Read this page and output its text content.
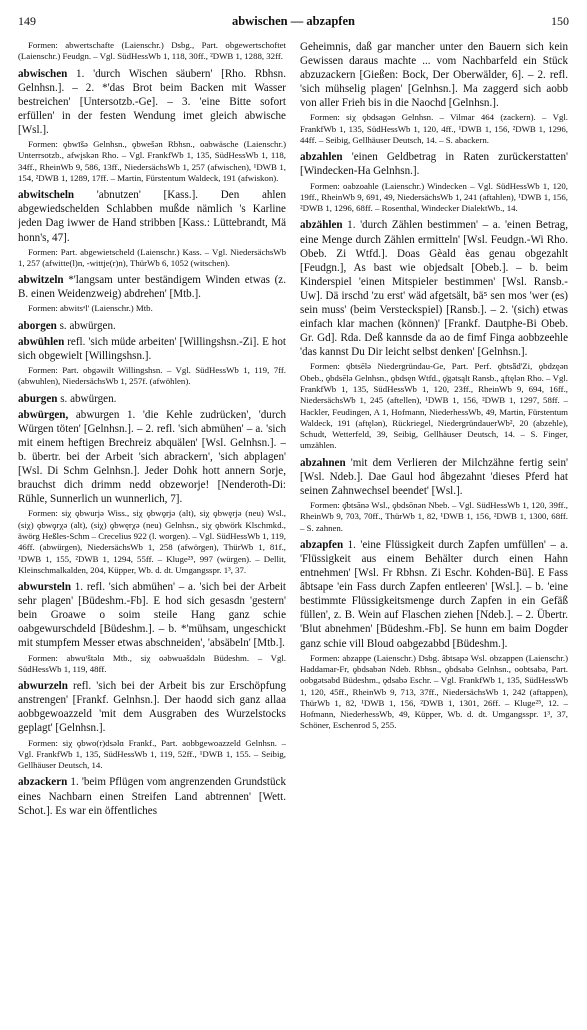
149	abwischen — abzapfen	150

Formen: abwertschafte (Laienschr.) Dsbg., Part. obgewertschoftet (Laienschr.) Feudgn. – Vgl. SüdHessWb 1, 118, 30ff., ²DWB 1, 1288, 32ff.

abwischen 1. 'durch Wischen säubern' [Rho. Rbhsn. Gelnhsn.]. – 2. *'das Brot beim Backen mit Wasser bestreichen' [Untersotzb.-Ge]. – 3. 'eine Bitte sofort erfüllen' in der festen Wendung imet gleich abwische [Wsl.].

Formen: ǫbwīšə Gelnhsn., ǫbwešən Rbhsn., oabwäsche (Laienschr.) Unterrsotzb., afwįskən Rho. – Vgl. FrankfWb 1, 135, SüdHessWb 1, 118, 34ff., RheinWb 9, 586, 13ff., NiedersächsWb 1, 257 (afwischen), ¹DWB 1, 154, ²DWB 1, 1289, 17ff. – Martin, Fürstentum Waldeck, 191 (afwiskon).

abwitscheln 'abnutzen' [Kass.]. Den ahlen abgewiedschelden Schlabben mußde nämlich 's Karline jeden Dag iwwer de Hand stribben [Kass.: Lüttebrandt, Mä honn's, 47].

Formen: Part. abgewietscheld (Laienschr.) Kass. – Vgl. NiedersächsWb 1, 257 (afwitte(l)n, -wittje(r)n), ThürWb 6, 1052 (witschen).

abwitzeln *'langsam unter beständigem Winden etwas (z. B. einen Weidenzweig) abdrehen' [Mtb.].

Formen: abwitsᵊl' (Laienschr.) Mtb.

aborgen s. abwürgen.

abwühlen refl. 'sich müde arbeiten' [Willingshsn.-Zi]. E hot sich obgewielt [Willingshsn.].

Formen: Part. obgəwilt Willingshsn. – Vgl. SüdHessWb 1, 119, 7ff. (abwuhlen), NiedersächsWb 1, 257f. (afwöhlen).

aburgen s. abwürgen.

abwürgen, abwurgen 1. 'die Kehle zudrücken', 'durch Würgen töten' [Gelnhsn.]. – 2. refl. 'sich abmühen' – a. 'sich mit einem heftigen Brechreiz abquälen' [Wsl. Gelnhsn.]. – b. übertr. bei der Arbeit 'sich abrackern', 'sich abplagen' [Wsl. Di Schm Gelnhsn.]. Jeder Dohk hott annern Sorje, brauchst dich drimm nedd obzeworje! [Nenderoth-Di: Rühle, Sunnerlich un wunnerlich, 7].

Formen: siχ ǫbwurjə Wiss., siχ ǫbwǫrjə (alt), siχ ǫbwęrjə (neu) Wsl., (siχ) ǫbwǫrχə (alt), (siχ) ǫbwęrχə (neu) Gelnhsn., siχ ǫbwörk Klschmkd., äwörg Heßles-Schm – Crecelius 922 (l. worgen). – Vgl. SüdHessWb 1, 119, 46ff. (abwürgen), NiedersächsWb 1, 258 (afwörgen), ThürWb 1, 81f., ¹DWB 1, 155, ²DWB 1, 1294, 55ff. – Kluge²⁵, 997 (würgen). – Dellit, Kleinschmalkalden, 204, Küpper, Wb. d. dt. Umgangsspr. 1³, 37.

abwursteln 1. refl. 'sich abmühen' – a. 'sich bei der Arbeit sehr plagen' [Büdeshm.-Fb]. E hod sich gesasdn 'gestern' bein Groawe o soim steile Hang ganz schie oabgewurschdeld [Büdeshm.]. – b. *'mühsam, ungeschickt mit stumpfem Messer etwas abschneiden', 'absäbeln' [Mtb.].

Formen: abwuʳštəlɑ Mtb., siχ oəbwuəšdəln Büdeshm. – Vgl. SüdHessWb 1, 119, 48ff.

abwurzeln refl. 'sich bei der Arbeit bis zur Erschöpfung anstrengen' [Frankf. Gelnhsn.]. Der haodd sich ganz allaa aobbgewoazzeld 'mit dem Ausgraben des Wurzelstocks geplagt' [Gelnhsn.].

Formen: siχ ǫbwo(r)dsəlɑ Frankf., Part. aobbgewoazzeld Gelnhsn. – Vgl. FrankfWb 1, 135, SüdHessWb 1, 119, 52ff., ¹DWB 1, 155. – Seibig, Gellhäuser Deutsch, 14.

abzackern 1. 'beim Pflügen vom angrenzenden Grundstück eines Nachbarn einen Streifen Land abtrennen' [Wett. Schot.]. Es war ein öffentliches

Geheimnis, daß gar mancher unter den Bauern sich kein Gewissen daraus machte ... vom Nachbarfeld ein Stück abzuzackern [Gießen: Bock, Der Oberwälder, 6]. – 2. refl. 'sich mühselig plagen' [Gelnhsn.]. Ma zaggerd sich aobb von aller Frieh bis in die Naochd [Gelnhsn.].

Formen: siχ ǫbdsagən Gelnhsn. – Vilmar 464 (zackern). – Vgl. FrankfWb 1, 135, SüdHessWb 1, 120, 4ff., ¹DWB 1, 156, ²DWB 1, 1296, 44ff. – Seibig, Gellhäuser Deutsch, 14. – S. abackern.

abzahlen 'einen Geldbetrag in Raten zurückerstatten' [Windecken-Ha Gelnhsn.].

Formen: oabzoahle (Laienschr.) Windecken – Vgl. SüdHessWb 1, 120, 19ff., RheinWb 9, 691, 49, NiedersächsWb 1, 241 (aftahlen), ¹DWB 1, 156, ²DWB 1, 1296, 68ff. – Rosenthal, Windecker DialektWb., 14.

abzählen 1. 'durch Zählen bestimmen' – a. 'einen Betrag, eine Menge durch Zählen ermitteln' [Wsl. Feudgn.-Wi Rho. Obeb. Zi Wtfd.]. Doas Gèald èas genau obgezahlt [Feudgn.], As bast wie objedsalt [Obeb.]. – b. beim Kinderspiel 'einen Mitspieler bestimmen' [Wsl. Ransb.-Uw]. Dä irschd 'zu erst' wäd afgetsält, bä⁵ sen mos 'wer (es) sein muss' (beim Versteckspiel) [Ransb.]. – 2. '(sich) etwas einfach klar machen (können)' [Frankf. Dautphe-Bi Obeb. Gr. Gd]. Rda. Deß kannsde da ao de fimf Finga aobbzeehle 'das kannst Du Dir leicht selbst denken' [Gelnhsn.].

Formen: ǫ̈btsēlə Niedergründau-Ge, Part. Perf. ǫ̈btsǟd'Zi, ǫbdzęən Obeb., ǫbdsēlə Gelnhsn., ǫbdsęn Wtfd., ǫ̈gətsąlt Ransb., ąftęlən Rho. – Vgl. FrankfWb 1, 135, SüdHessWb 1, 120, 23ff., RheinWb 9, 694, 16ff., NiedersächsWb 1, 245 (aftellen), ¹DWB 1, 156, ²DWB 1, 1297, 58ff. – Hackler, Feudingen, A 1, Hofmann, NiederhessWb, 49, Martin, Fürstentum Waldeck, 191 (aftęlən), Rückriegel, NiedergründauerWb², 20 (abzehle), Schudt, Wetterfeld, 39, Seibig, Gellhäuser Deutsch, 14. – S. Finger, umzählen.

abzahnen 'mit dem Verlieren der Milchzähne fertig sein' [Wsl. Ndeb.]. Dae Gaul hod âbgezahnt 'dieses Pferd hat seinen Zahnwechsel beendet' [Wsl.].

Formen: ǫ̂btsānə Wsl., ǫbdsōnən Nbeb. – Vgl. SüdHessWb 1, 120, 39ff., RheinWb 9, 703, 70ff., ThürWb 1, 82, ¹DWB 1, 156, ²DWB 1, 1300, 68ff. – S. zahnen.

abzapfen 1. 'eine Flüssigkeit durch Zapfen umfüllen' – a. 'Flüssigkeit aus einem Behälter durch einen Hahn entnehmen' [Wsl. Fr Rbhsn. Zi Eschr. Kohden-Bü]. E Fass âbtsape 'ein Fass durch Zapfen entleeren' [Wsl.]. – b. 'eine bestimmte Flüssigkeitsmenge durch Zapfen in ein Gefäß füllen', z. B. Wein auf Flaschen ziehen [Ndeb.]. – 2. Übertr. 'Blut abnehmen' [Büdeshm.-Fb]. Se hunn em baim Dogder ganz schie vill Bloud oabgezabbd [Büdeshm.].

Formen: abzappe (Laienschr.) Dsbg. âbtsapə Wsl. obzappen (Laienschr.) Haddamar-Fr, ǫbdsabən Ndeb. Rbhsn., ǫbdsabə Gelnhsn., oobtsabə, Part. oobgətsabd Büdeshm., ǫdsabə Eschr. – Vgl. FrankfWb 1, 135, SüdHessWb 1, 120, 45ff., RheinWb 9, 713, 37ff., NiedersächsWb 1, 242 (aftappen), ThürWb 1, 82, ¹DWB 1, 156, ²DWB 1, 1301, 26ff. – Kluge²⁵, 12. – Hofmann, NiederhessWb, 49, Küpper, Wb. d. dt. Umgangsspr. 1³, 37, Schöner, Eschenrod 5, 255.
